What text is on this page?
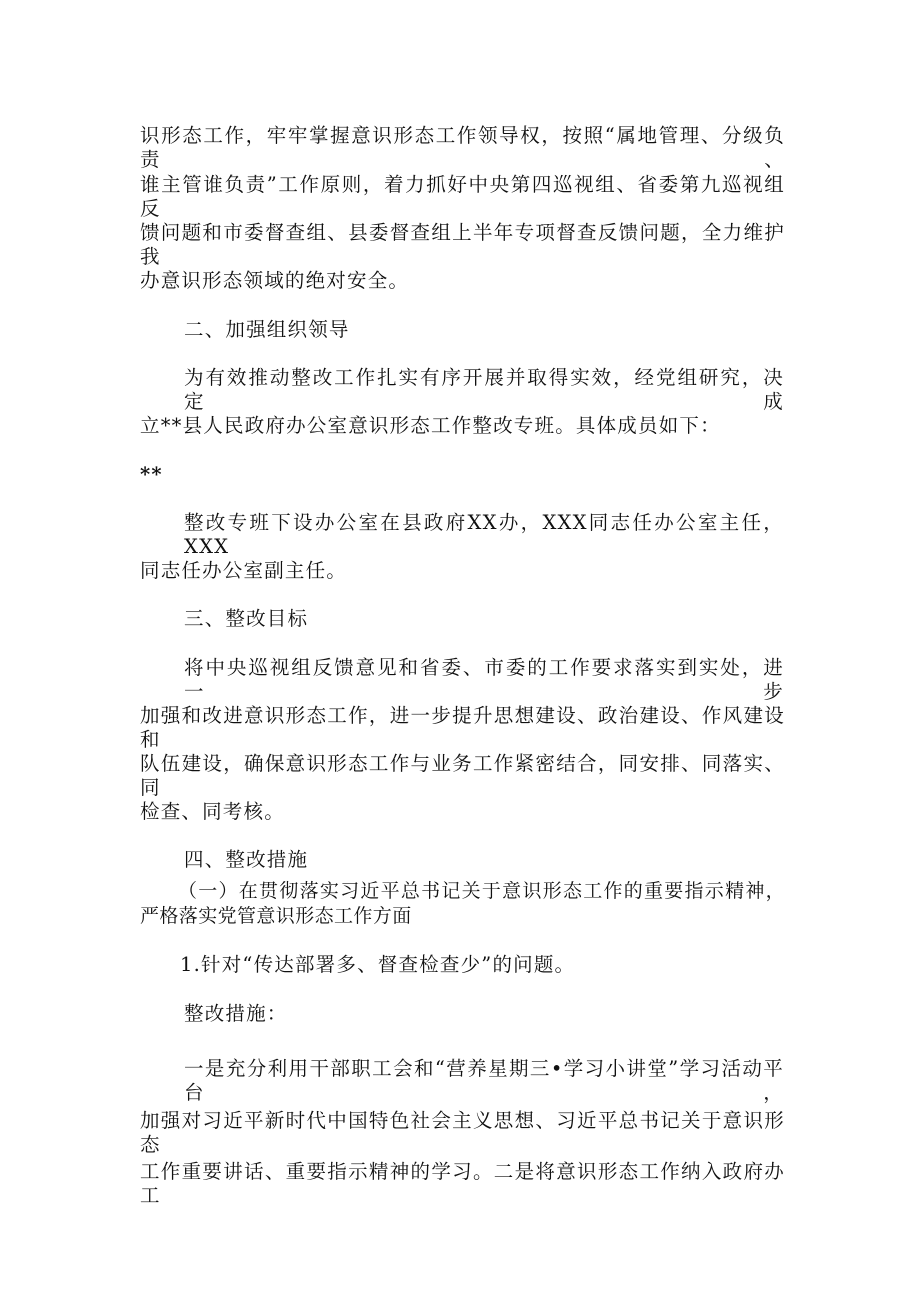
识形态工作，牢牢掌握意识形态工作领导权，按照“属地管理、分级负责、
谁主管谁负责”工作原则，着力抓好中央第四巡视组、省委第九巡视组反
馈问题和市委督查组、县委督查组上半年专项督查反馈问题，全力维护我
办意识形态领域的绝对安全。
二、加强组织领导
为有效推动整改工作扎实有序开展并取得实效，经党组研究，决定成
立**县人民政府办公室意识形态工作整改专班。具体成员如下：
**
整改专班下设办公室在县政府XX办，XXX同志任办公室主任，XXX
同志任办公室副主任。
三、整改目标
将中央巡视组反馈意见和省委、市委的工作要求落实到实处，进一步
加强和改进意识形态工作，进一步提升思想建设、政治建设、作风建设和
队伍建设，确保意识形态工作与业务工作紧密结合，同安排、同落实、同
检查、同考核。
四、整改措施
（一）在贯彻落实习近平总书记关于意识形态工作的重要指示精神，
严格落实党管意识形态工作方面
1.针对“传达部署多、督查检查少”的问题。
整改措施：
一是充分利用干部职工会和“营养星期三•学习小讲堂”学习活动平台，
加强对习近平新时代中国特色社会主义思想、习近平总书记关于意识形态
工作重要讲话、重要指示精神的学习。二是将意识形态工作纳入政府办工
